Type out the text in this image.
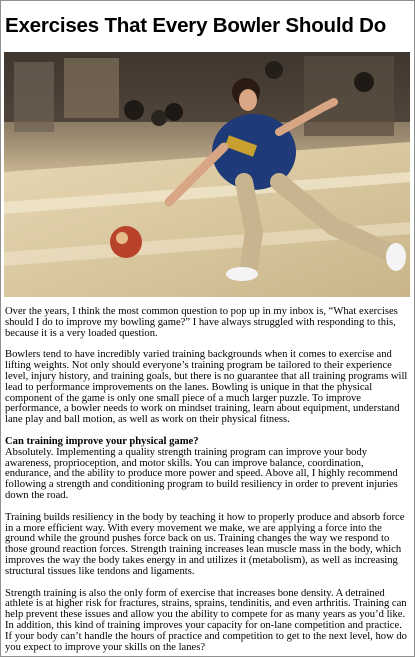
Exercises That Every Bowler Should Do

Over the years, I think the most common question to pop up in my inbox is, “What exercises should I do to improve my bowling game?” I have always struggled with responding to this, because it is a very loaded question.

Bowlers tend to have incredibly varied training backgrounds when it comes to exercise and lifting weights. Not only should everyone’s training program be tailored to their experience level, injury history, and training goals, but there is no guarantee that all training programs will lead to performance improvements on the lanes. Bowling is unique in that the physical component of the game is only one small piece of a much larger puzzle. To improve performance, a bowler needs to work on mindset training, learn about equipment, understand lane play and ball motion, as well as work on their physical fitness.

Can training improve your physical game?

Absolutely. Implementing a quality strength training program can improve your body awareness, proprioception, and motor skills. You can improve balance, coordination, endurance, and the ability to produce more power and speed. Above all, I highly recommend following a strength and conditioning program to build resiliency in order to prevent injuries down the road.

Training builds resiliency in the body by teaching it how to properly produce and absorb force in a more efficient way. With every movement we make, we are applying a force into the ground while the ground pushes force back on us. Training changes the way we respond to those ground reaction forces. Strength training increases lean muscle mass in the body, which improves the way the body takes energy in and utilizes it (metabolism), as well as increasing structural tissues like tendons and ligaments.

Strength training is also the only form of exercise that increases bone density. A detrained athlete is at higher risk for fractures, strains, sprains, tendinitis, and even arthritis. Training can help prevent these issues and allow you the ability to compete for as many years as you’d like. In addition, this kind of training improves your capacity for on-lane competition and practice. If your body can’t handle the hours of practice and competition to get to the next level, how do you expect to improve your skills on the lanes?
